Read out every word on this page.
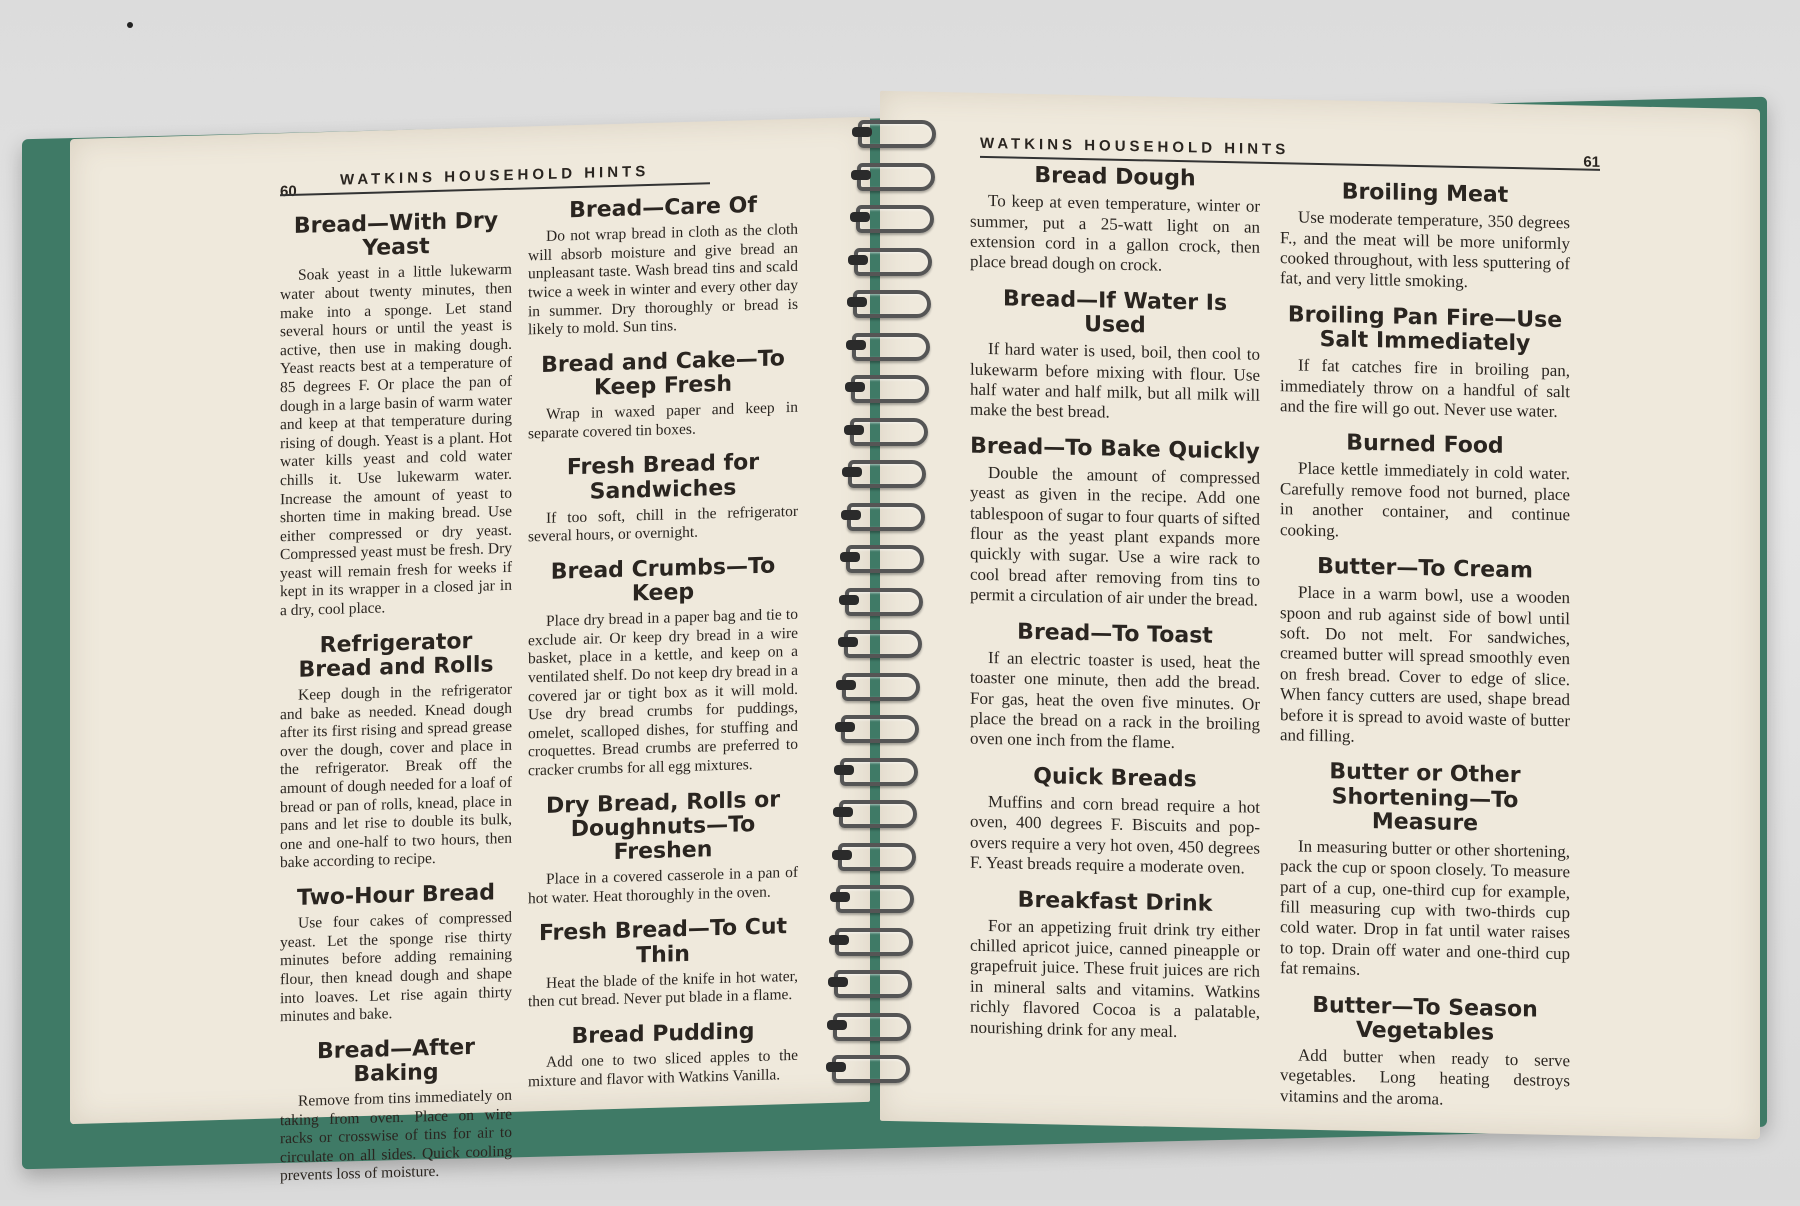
60
WATKINS HOUSEHOLD HINTS
Bread—With Dry Yeast

Soak yeast in a little lukewarm water about twenty minutes, then make into a sponge. Let stand several hours or until the yeast is active, then use in making dough. Yeast reacts best at a temperature of 85 degrees F. Or place the pan of dough in a large basin of warm water and keep at that temperature during rising of dough. Yeast is a plant. Hot water kills yeast and cold water chills it. Use lukewarm water. Increase the amount of yeast to shorten time in making bread. Use either compressed or dry yeast. Compressed yeast must be fresh. Dry yeast will remain fresh for weeks if kept in its wrapper in a closed jar in a dry, cool place.

Refrigerator Bread and Rolls

Keep dough in the refrigerator and bake as needed. Knead dough after its first rising and spread grease over the dough, cover and place in the refrigerator. Break off the amount of dough needed for a loaf of bread or pan of rolls, knead, place in pans and let rise to double its bulk, one and one-half to two hours, then bake according to recipe.

Two-Hour Bread

Use four cakes of compressed yeast. Let the sponge rise thirty minutes before adding remaining flour, then knead dough and shape into loaves. Let rise again thirty minutes and bake.

Bread—After Baking

Remove from tins immediately on taking from oven. Place on wire racks or crosswise of tins for air to circulate on all sides. Quick cooling prevents loss of moisture.

Bread—Care Of

Do not wrap bread in cloth as the cloth will absorb moisture and give bread an unpleasant taste. Wash bread tins and scald twice a week in winter and every other day in summer. Dry thoroughly or bread is likely to mold. Sun tins.

Bread and Cake—To Keep Fresh

Wrap in waxed paper and keep in separate covered tin boxes.

Fresh Bread for Sandwiches

If too soft, chill in the refrigerator several hours, or overnight.

Bread Crumbs—To Keep

Place dry bread in a paper bag and tie to exclude air. Or keep dry bread in a wire basket, place in a kettle, and keep on a ventilated shelf. Do not keep dry bread in a covered jar or tight box as it will mold. Use dry bread crumbs for puddings, omelet, scalloped dishes, for stuffing and croquettes. Bread crumbs are preferred to cracker crumbs for all egg mixtures.

Dry Bread, Rolls or Doughnuts—To Freshen

Place in a covered casserole in a pan of hot water. Heat thoroughly in the oven.

Fresh Bread—To Cut Thin

Heat the blade of the knife in hot water, then cut bread. Never put blade in a flame.

Bread Pudding

Add one to two sliced apples to the mixture and flavor with Watkins Vanilla.

61
WATKINS HOUSEHOLD HINTS
Bread Dough

To keep at even temperature, winter or summer, put a 25-watt light on an extension cord in a gallon crock, then place bread dough on crock.

Bread—If Water Is Used

If hard water is used, boil, then cool to lukewarm before mixing with flour. Use half water and half milk, but all milk will make the best bread.

Bread—To Bake Quickly

Double the amount of compressed yeast as given in the recipe. Add one tablespoon of sugar to four quarts of sifted flour as the yeast plant expands more quickly with sugar. Use a wire rack to cool bread after removing from tins to permit a circulation of air under the bread.

Bread—To Toast

If an electric toaster is used, heat the toaster one minute, then add the bread. For gas, heat the oven five minutes. Or place the bread on a rack in the broiling oven one inch from the flame.

Quick Breads

Muffins and corn bread require a hot oven, 400 degrees F. Biscuits and pop-overs require a very hot oven, 450 degrees F. Yeast breads require a moderate oven.

Breakfast Drink

For an appetizing fruit drink try either chilled apricot juice, canned pineapple or grapefruit juice. These fruit juices are rich in mineral salts and vitamins. Watkins richly flavored Cocoa is a palatable, nourishing drink for any meal.

Broiling Meat

Use moderate temperature, 350 degrees F., and the meat will be more uniformly cooked throughout, with less sputtering of fat, and very little smoking.

Broiling Pan Fire—Use Salt Immediately

If fat catches fire in broiling pan, immediately throw on a handful of salt and the fire will go out. Never use water.

Burned Food

Place kettle immediately in cold water. Carefully remove food not burned, place in another container, and continue cooking.

Butter—To Cream

Place in a warm bowl, use a wooden spoon and rub against side of bowl until soft. Do not melt. For sandwiches, creamed butter will spread smoothly even on fresh bread. Cover to edge of slice. When fancy cutters are used, shape bread before it is spread to avoid waste of butter and filling.

Butter or Other Shortening—To Measure

In measuring butter or other shortening, pack the cup or spoon closely. To measure part of a cup, one-third cup for example, fill measuring cup with two-thirds cup cold water. Drop in fat until water raises to top. Drain off water and one-third cup fat remains.

Butter—To Season Vegetables

Add butter when ready to serve vegetables. Long heating destroys vitamins and the aroma.
